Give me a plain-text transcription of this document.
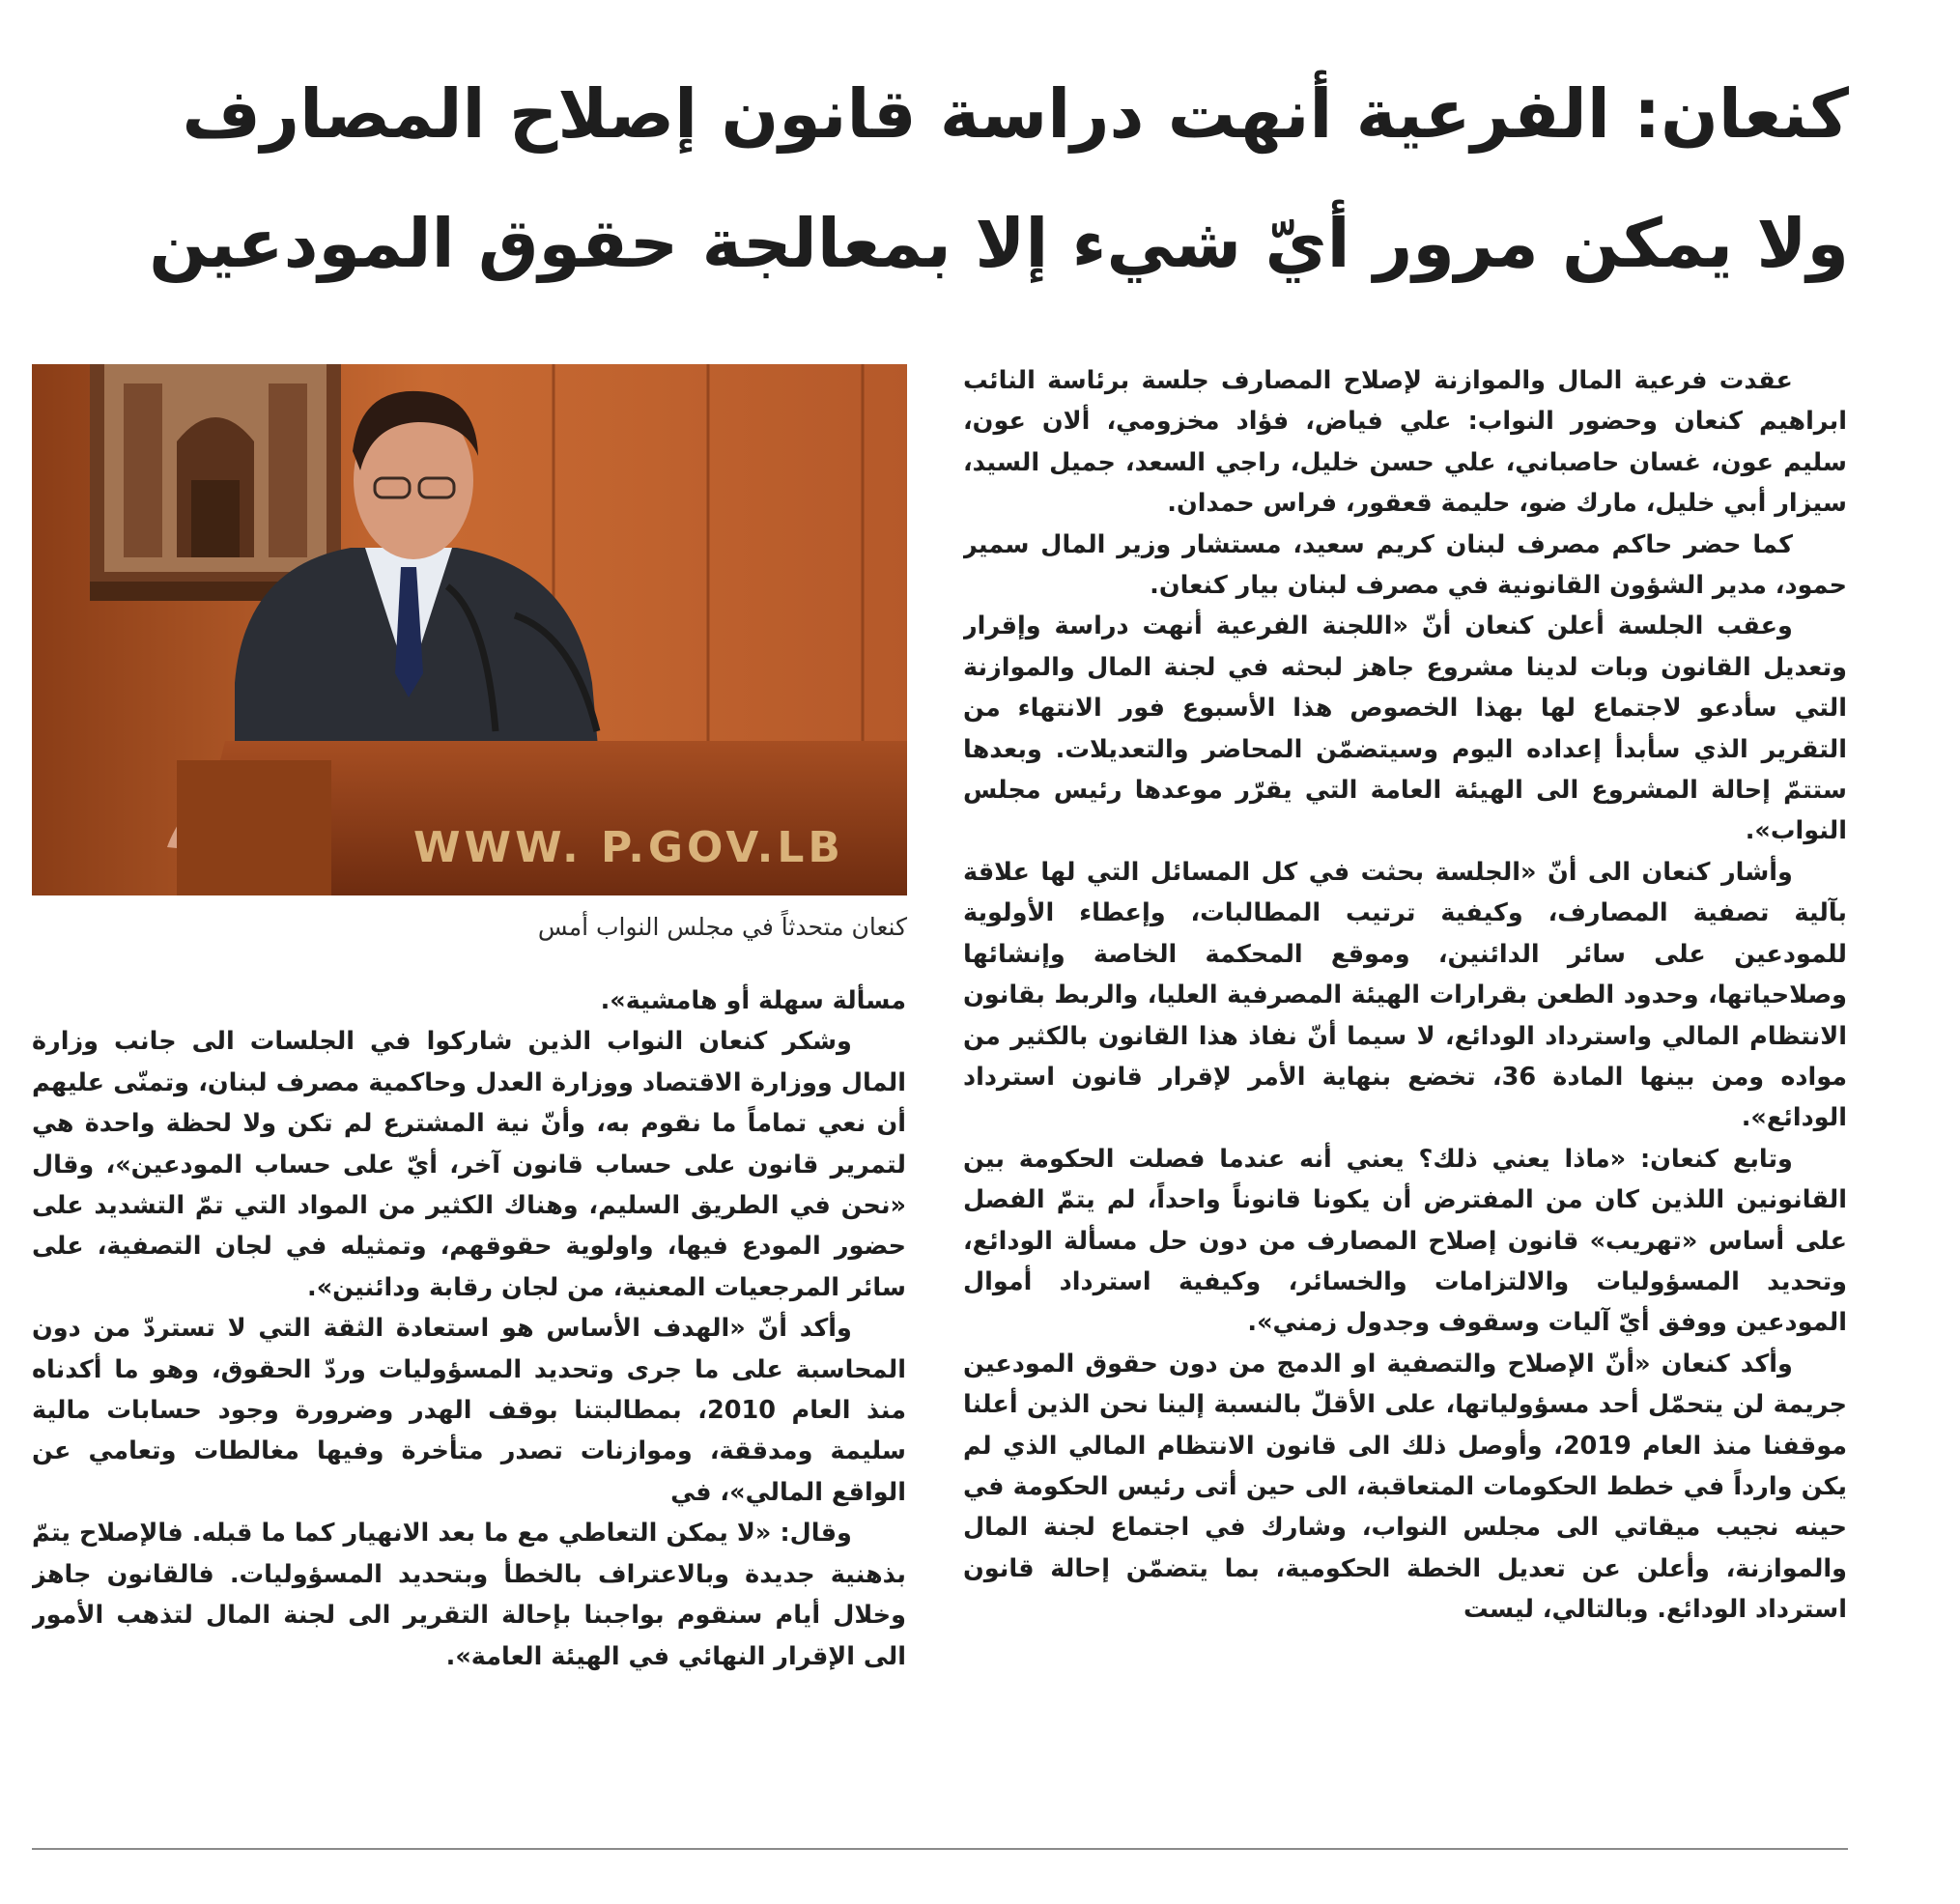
كنعان: الفرعية أنهت دراسة قانون إصلاح المصارف
ولا يمكن مرور أيّ شيء إلا بمعالجة حقوق المودعين
WWW. P.GOV.LB
كنعان متحدثاً في مجلس النواب أمس

عقدت فرعية المال والموازنة لإصلاح المصارف جلسة برئاسة النائب ابراهيم كنعان وحضور النواب: علي فياض، فؤاد مخزومي، ألان عون، سليم عون، غسان حاصباني، علي حسن خليل، راجي السعد، جميل السيد، سيزار أبي خليل، مارك ضو، حليمة قعقور، فراس حمدان.

كما حضر حاكم مصرف لبنان كريم سعيد، مستشار وزير المال سمير حمود، مدير الشؤون القانونية في مصرف لبنان بيار كنعان.

وعقب الجلسة أعلن كنعان أنّ «اللجنة الفرعية أنهت دراسة وإقرار وتعديل القانون وبات لدينا مشروع جاهز لبحثه في لجنة المال والموازنة التي سأدعو لاجتماع لها بهذا الخصوص هذا الأسبوع فور الانتهاء من التقرير الذي سأبدأ إعداده اليوم وسيتضمّن المحاضر والتعديلات. وبعدها ستتمّ إحالة المشروع الى الهيئة العامة التي يقرّر موعدها رئيس مجلس النواب».

وأشار كنعان الى أنّ «الجلسة بحثت في كل المسائل التي لها علاقة بآلية تصفية المصارف، وكيفية ترتيب المطالبات، وإعطاء الأولوية للمودعين على سائر الدائنين، وموقع المحكمة الخاصة وإنشائها وصلاحياتها، وحدود الطعن بقرارات الهيئة المصرفية العليا، والربط بقانون الانتظام المالي واسترداد الودائع، لا سيما أنّ نفاذ هذا القانون بالكثير من مواده ومن بينها المادة 36، تخضع بنهاية الأمر لإقرار قانون استرداد الودائع».

وتابع كنعان: «ماذا يعني ذلك؟ يعني أنه عندما فصلت الحكومة بين القانونين اللذين كان من المفترض أن يكونا قانوناً واحداً، لم يتمّ الفصل على أساس «تهريب» قانون إصلاح المصارف من دون حل مسألة الودائع، وتحديد المسؤوليات والالتزامات والخسائر، وكيفية استرداد أموال المودعين ووفق أيّ آليات وسقوف وجدول زمني».

وأكد كنعان «أنّ الإصلاح والتصفية او الدمج من دون حقوق المودعين جريمة لن يتحمّل أحد مسؤولياتها، على الأقلّ بالنسبة إلينا نحن الذين أعلنا موقفنا منذ العام 2019، وأوصل ذلك الى قانون الانتظام المالي الذي لم يكن وارداً في خطط الحكومات المتعاقبة، الى حين أتى رئيس الحكومة في حينه نجيب ميقاتي الى مجلس النواب، وشارك في اجتماع لجنة المال والموازنة، وأعلن عن تعديل الخطة الحكومية، بما يتضمّن إحالة قانون استرداد الودائع. وبالتالي، ليست

مسألة سهلة أو هامشية».

وشكر كنعان النواب الذين شاركوا في الجلسات الى جانب وزارة المال ووزارة الاقتصاد ووزارة العدل وحاكمية مصرف لبنان، وتمنّى عليهم أن نعي تماماً ما نقوم به، وأنّ نية المشترع لم تكن ولا لحظة واحدة هي لتمرير قانون على حساب قانون آخر، أيّ على حساب المودعين»، وقال «نحن في الطريق السليم، وهناك الكثير من المواد التي تمّ التشديد على حضور المودع فيها، واولوية حقوقهم، وتمثيله في لجان التصفية، على سائر المرجعيات المعنية، من لجان رقابة ودائنين».

وأكد أنّ «الهدف الأساس هو استعادة الثقة التي لا تستردّ من دون المحاسبة على ما جرى وتحديد المسؤوليات وردّ الحقوق، وهو ما أكدناه منذ العام 2010، بمطالبتنا بوقف الهدر وضرورة وجود حسابات مالية سليمة ومدققة، وموازنات تصدر متأخرة وفيها مغالطات وتعامي عن الواقع المالي»، في

وقال: «لا يمكن التعاطي مع ما بعد الانهيار كما ما قبله. فالإصلاح يتمّ بذهنية جديدة وبالاعتراف بالخطأ وبتحديد المسؤوليات. فالقانون جاهز وخلال أيام سنقوم بواجبنا بإحالة التقرير الى لجنة المال لتذهب الأمور الى الإقرار النهائي في الهيئة العامة».
